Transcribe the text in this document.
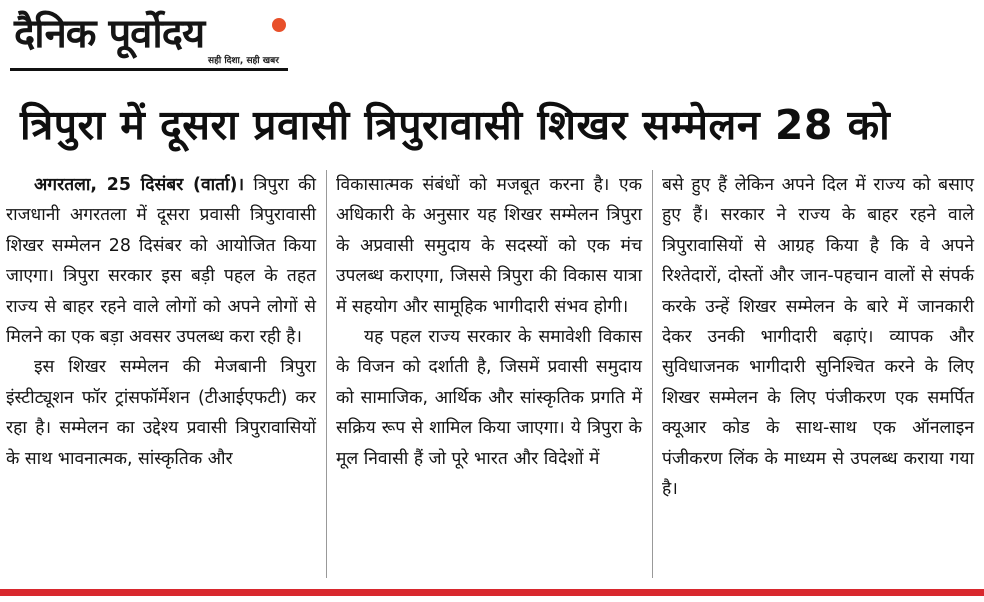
दैनिक पूर्वोदय
सही दिशा, सही खबर
त्रिपुरा में दूसरा प्रवासी त्रिपुरावासी शिखर सम्मेलन 28 को

अगरतला, 25 दिसंबर (वार्ता)। त्रिपुरा की राजधानी अगरतला में दूसरा प्रवासी त्रिपुरावासी शिखर सम्मेलन 28 दिसंबर को आयोजित किया जाएगा। त्रिपुरा सरकार इस बड़ी पहल के तहत राज्य से बाहर रहने वाले लोगों को अपने लोगों से मिलने का एक बड़ा अवसर उपलब्ध करा रही है।

इस शिखर सम्मेलन की मेजबानी त्रिपुरा इंस्टीट्यूशन फॉर ट्रांसफॉर्मेशन (टीआईएफटी) कर रहा है। सम्मेलन का उद्देश्य प्रवासी त्रिपुरावासियों के साथ भावनात्मक, सांस्कृतिक और

विकासात्मक संबंधों को मजबूत करना है। एक अधिकारी के अनुसार यह शिखर सम्मेलन त्रिपुरा के अप्रवासी समुदाय के सदस्यों को एक मंच उपलब्ध कराएगा, जिससे त्रिपुरा की विकास यात्रा में सहयोग और सामूहिक भागीदारी संभव होगी।

यह पहल राज्य सरकार के समावेशी विकास के विजन को दर्शाती है, जिसमें प्रवासी समुदाय को सामाजिक, आर्थिक और सांस्कृतिक प्रगति में सक्रिय रूप से शामिल किया जाएगा। ये त्रिपुरा के मूल निवासी हैं जो पूरे भारत और विदेशों में

बसे हुए हैं लेकिन अपने दिल में राज्य को बसाए हुए हैं। सरकार ने राज्य के बाहर रहने वाले त्रिपुरावासियों से आग्रह किया है कि वे अपने रिश्तेदारों, दोस्तों और जान-पहचान वालों से संपर्क करके उन्हें शिखर सम्मेलन के बारे में जानकारी देकर उनकी भागीदारी बढ़ाएं। व्यापक और सुविधाजनक भागीदारी सुनिश्चित करने के लिए शिखर सम्मेलन के लिए पंजीकरण एक समर्पित क्यूआर कोड के साथ-साथ एक ऑनलाइन पंजीकरण लिंक के माध्यम से उपलब्ध कराया गया है।
